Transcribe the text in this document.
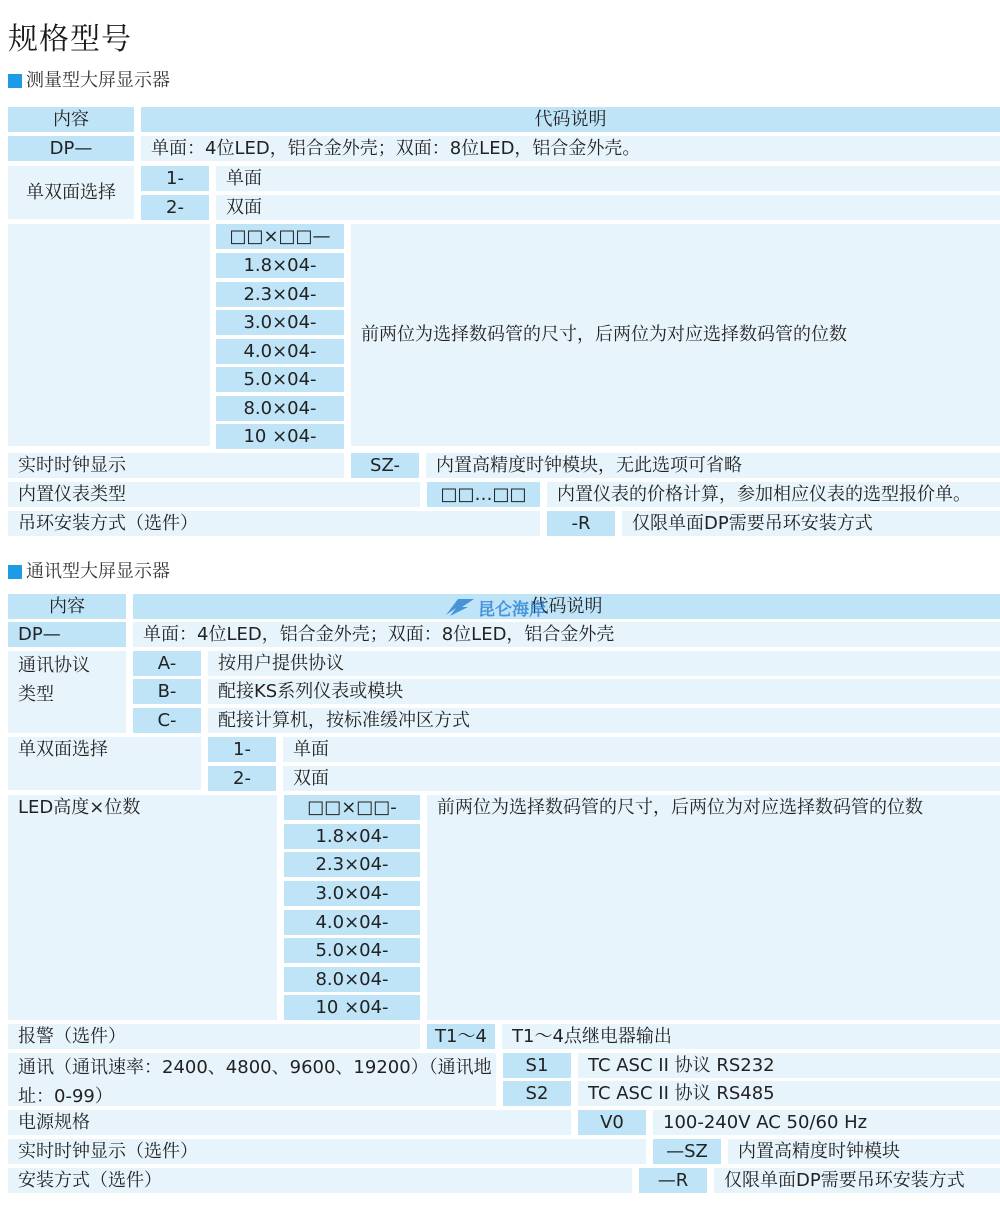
规格型号
测量型大屏显示器
内容	代码说明
DP—	单面：4位LED，铝合金外壳；双面：8位LED，铝合金外壳。
单双面选择
1-	单面
2-	双面
□□×□□—
1.8×04-
2.3×04-
3.0×04-
4.0×04-
5.0×04-
8.0×04-
10 ×04-
前两位为选择数码管的尺寸，后两位为对应选择数码管的位数
实时时钟显示	SZ-	内置高精度时钟模块，无此选项可省略
内置仪表类型	□□…□□	内置仪表的价格计算，参加相应仪表的选型报价单。
吊环安装方式（选件）	-R	仅限单面DP需要吊环安装方式
通讯型大屏显示器
内容	代码说明
昆仑海岸
DP—	单面：4位LED，铝合金外壳；双面：8位LED，铝合金外壳
通讯协议
类型
A-	按用户提供协议
B-	配接KS系列仪表或模块
C-	配接计算机，按标准缓冲区方式
单双面选择	1-	单面
2-	双面
LED高度×位数	□□×□□-
1.8×04-
2.3×04-
3.0×04-
4.0×04-
5.0×04-
8.0×04-
10 ×04-
前两位为选择数码管的尺寸，后两位为对应选择数码管的位数
报警（选件）	T1～4	T1～4点继电器输出
通讯（通讯速率：2400、4800、9600、19200）（通讯地
址：0-99）
S1	TC ASC II 协议 RS232
S2	TC ASC II 协议 RS485
电源规格	V0	100-240V AC 50/60 Hz
实时时钟显示（选件）	—SZ	内置高精度时钟模块
安装方式（选件）	—R	仅限单面DP需要吊环安装方式
